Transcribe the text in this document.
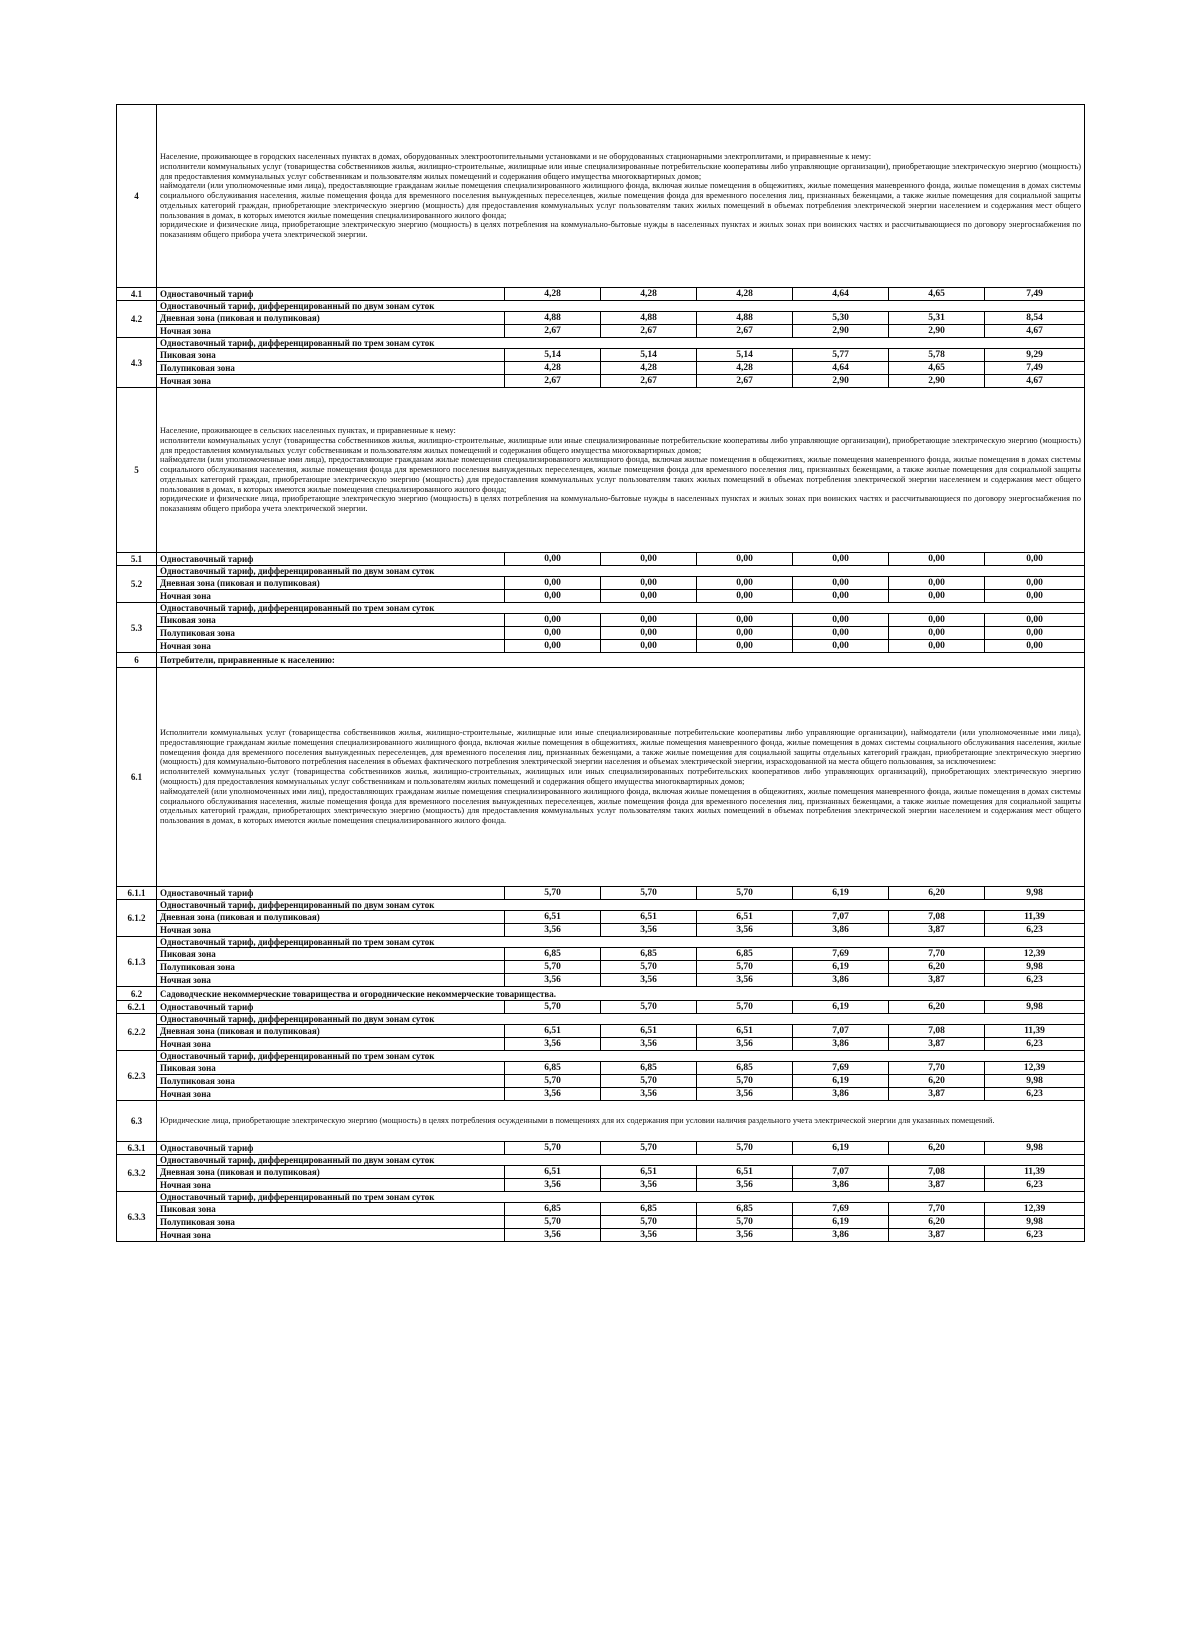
4	Население, проживающее в городских населенных пунктах в домах, оборудованных электроотопительными установками и не оборудованных стационарными электроплитами, и приравненные к нему:

исполнители коммунальных услуг (товарищества собственников жилья, жилищно-строительные, жилищные или иные специализированные потребительские кооперативы либо управляющие организации), приобретающие электрическую энергию (мощность) для предоставления коммунальных услуг собственникам и пользователям жилых помещений и содержания общего имущества многоквартирных домов;

наймодатели (или уполномоченные ими лица), предоставляющие гражданам жилые помещения специализированного жилищного фонда, включая жилые помещения в общежитиях, жилые помещения маневренного фонда, жилые помещения в домах системы социального обслуживания населения, жилые помещения фонда для временного поселения вынужденных переселенцев, жилые помещения фонда для временного поселения лиц, признанных беженцами, а также жилые помещения для социальной защиты отдельных категорий граждан, приобретающие электрическую энергию (мощность) для предоставления коммунальных услуг пользователям таких жилых помещений в объемах потребления электрической энергии населением и содержания мест общего пользования в домах, в которых имеются жилые помещения специализированного жилого фонда;

юридические и физические лица, приобретающие электрическую энергию (мощность) в целях потребления на коммунально-бытовые нужды в населенных пунктах и жилых зонах при воинских частях и рассчитывающиеся по договору энергоснабжения по показаниям общего прибора учета электрической энергии.						

4.1	Одноставочный тариф	4,28	4,28	4,28	4,64	4,65	7,49
4.2	Одноставочный тариф, дифференцированный по двум зонам суток						
	Дневная зона (пиковая и полупиковая)	4,88	4,88	4,88	5,30	5,31	8,54
	Ночная зона	2,67	2,67	2,67	2,90	2,90	4,67
4.3	Одноставочный тариф, дифференцированный по трем зонам суток						
	Пиковая зона	5,14	5,14	5,14	5,77	5,78	9,29
	Полупиковая зона	4,28	4,28	4,28	4,64	4,65	7,49
	Ночная зона	2,67	2,67	2,67	2,90	2,90	4,67
5	Население, проживающее в сельских населенных пунктах, и приравненные к нему:

исполнители коммунальных услуг (товарищества собственников жилья, жилищно-строительные, жилищные или иные специализированные потребительские кооперативы либо управляющие организации), приобретающие электрическую энергию (мощность) для предоставления коммунальных услуг собственникам и пользователям жилых помещений и содержания общего имущества многоквартирных домов;

наймодатели (или уполномоченные ими лица), предоставляющие гражданам жилые помещения специализированного жилищного фонда, включая жилые помещения в общежитиях, жилые помещения маневренного фонда, жилые помещения в домах системы социального обслуживания населения, жилые помещения фонда для временного поселения вынужденных переселенцев, жилые помещения фонда для временного поселения лиц, признанных беженцами, а также жилые помещения для социальной защиты отдельных категорий граждан, приобретающие электрическую энергию (мощность) для предоставления коммунальных услуг пользователям таких жилых помещений в объемах потребления электрической энергии населением и содержания мест общего пользования в домах, в которых имеются жилые помещения специализированного жилого фонда;

юридические и физические лица, приобретающие электрическую энергию (мощность) в целях потребления на коммунально-бытовые нужды в населенных пунктах и жилых зонах при воинских частях и рассчитывающиеся по договору энергоснабжения по показаниям общего прибора учета электрической энергии.						

5.1	Одноставочный тариф	0,00	0,00	0,00	0,00	0,00	0,00
5.2	Одноставочный тариф, дифференцированный по двум зонам суток						
	Дневная зона (пиковая и полупиковая)	0,00	0,00	0,00	0,00	0,00	0,00
	Ночная зона	0,00	0,00	0,00	0,00	0,00	0,00
5.3	Одноставочный тариф, дифференцированный по трем зонам суток						
	Пиковая зона	0,00	0,00	0,00	0,00	0,00	0,00
	Полупиковая зона	0,00	0,00	0,00	0,00	0,00	0,00
	Ночная зона	0,00	0,00	0,00	0,00	0,00	0,00
6	Потребители, приравненные к населению:						
6.1	Исполнители коммунальных услуг (товарищества собственников жилья, жилищно-строительные, жилищные или иные специализированные потребительские кооперативы либо управляющие организации), наймодатели (или уполномоченные ими лица), предоставляющие гражданам жилые помещения специализированного жилищного фонда, включая жилые помещения в общежитиях, жилые помещения маневренного фонда, жилые помещения в домах системы социального обслуживания населения, жилые помещения фонда для временного поселения вынужденных переселенцев, для временного поселения лиц, признанных беженцами, а также жилые помещения для социальной защиты отдельных категорий граждан, приобретающие электрическую энергию (мощность) для коммунально-бытового потребления населения в объемах фактического потребления электрической энергии населения и объемах электрической энергии, израсходованной на места общего пользования, за исключением:

исполнителей коммунальных услуг (товарищества собственников жилья, жилищно-строительных, жилищных или иных специализированных потребительских кооперативов либо управляющих организаций), приобретающих электрическую энергию (мощность) для предоставления коммунальных услуг собственникам и пользователям жилых помещений и содержания общего имущества многоквартирных домов;

наймодателей (или уполномоченных ими лиц), предоставляющих гражданам жилые помещения специализированного жилищного фонда, включая жилые помещения в общежитиях, жилые помещения маневренного фонда, жилые помещения в домах системы социального обслуживания населения, жилые помещения фонда для временного поселения вынужденных переселенцев, жилые помещения фонда для временного поселения лиц, признанных беженцами, а также жилые помещения для социальной защиты отдельных категорий граждан, приобретающих электрическую энергию (мощность) для предоставления коммунальных услуг пользователям таких жилых помещений в объемах потребления электрической энергии населением и содержания мест общего пользования в домах, в которых имеются жилые помещения специализированного жилого фонда.						

6.1.1	Одноставочный тариф	5,70	5,70	5,70	6,19	6,20	9,98
6.1.2	Одноставочный тариф, дифференцированный по двум зонам суток						
	Дневная зона (пиковая и полупиковая)	6,51	6,51	6,51	7,07	7,08	11,39
	Ночная зона	3,56	3,56	3,56	3,86	3,87	6,23
6.1.3	Одноставочный тариф, дифференцированный по трем зонам суток						
	Пиковая зона	6,85	6,85	6,85	7,69	7,70	12,39
	Полупиковая зона	5,70	5,70	5,70	6,19	6,20	9,98
	Ночная зона	3,56	3,56	3,56	3,86	3,87	6,23
6.2	Садоводческие некоммерческие товарищества и огороднические некоммерческие товарищества.						
6.2.1	Одноставочный тариф	5,70	5,70	5,70	6,19	6,20	9,98
6.2.2	Одноставочный тариф, дифференцированный по двум зонам суток						
	Дневная зона (пиковая и полупиковая)	6,51	6,51	6,51	7,07	7,08	11,39
	Ночная зона	3,56	3,56	3,56	3,86	3,87	6,23
6.2.3	Одноставочный тариф, дифференцированный по трем зонам суток						
	Пиковая зона	6,85	6,85	6,85	7,69	7,70	12,39
	Полупиковая зона	5,70	5,70	5,70	6,19	6,20	9,98
	Ночная зона	3,56	3,56	3,56	3,86	3,87	6,23
6.3	Юридические лица, приобретающие электрическую энергию (мощность) в целях потребления осужденными в помещениях для их содержания при условии наличия раздельного учета электрической энергии для указанных помещений.						

6.3.1	Одноставочный тариф	5,70	5,70	5,70	6,19	6,20	9,98
6.3.2	Одноставочный тариф, дифференцированный по двум зонам суток						
	Дневная зона (пиковая и полупиковая)	6,51	6,51	6,51	7,07	7,08	11,39
	Ночная зона	3,56	3,56	3,56	3,86	3,87	6,23
6.3.3	Одноставочный тариф, дифференцированный по трем зонам суток						
	Пиковая зона	6,85	6,85	6,85	7,69	7,70	12,39
	Полупиковая зона	5,70	5,70	5,70	6,19	6,20	9,98
	Ночная зона	3,56	3,56	3,56	3,86	3,87	6,23
